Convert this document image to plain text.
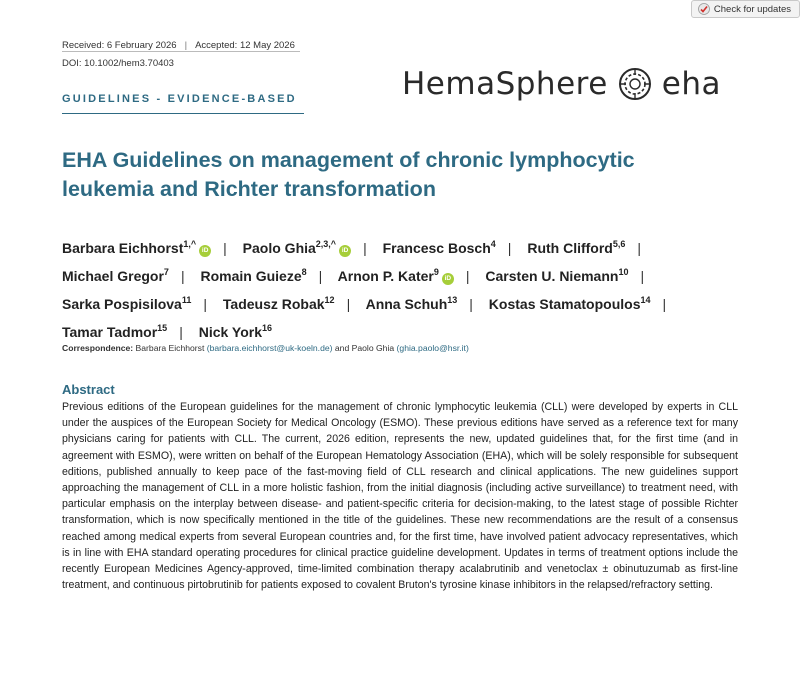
Check for updates
Received: 6 February 2026 | Accepted: 12 May 2026
DOI: 10.1002/hem3.70403
GUIDELINES - EVIDENCE-BASED	HemaSphere eha
EHA Guidelines on management of chronic lymphocytic leukemia and Richter transformation
Barbara Eichhorst$^{1,\^{}}$iD | Paolo Ghia$^{2,3,\^{}}$iD | Francesc Bosch$^4$ | Ruth Clifford$^{5,6}$ | Michael Gregor$^7$ | Romain Guieze$^8$ | Arnon P. Kater$^9$iD | Carsten U. Niemann$^{10}$ | Sarka Pospisilova$^{11}$ | Tadeusz Robak$^{12}$ | Anna Schuh$^{13}$ | Kostas Stamatopoulos$^{14}$ | Tamar Tadmor$^{15}$ | Nick York$^{16}$
Correspondence: Barbara Eichhorst (barbara.eichhorst@uk-koeln.de) and Paolo Ghia (ghia.paolo@hsr.it)
Abstract

Previous editions of the European guidelines for the management of chronic lymphocytic leukemia (CLL) were developed by experts in CLL under the auspices of the European Society for Medical Oncology (ESMO). These previous editions have served as a reference text for many physicians caring for patients with CLL. The current, 2026 edition, represents the new, updated guidelines that, for the first time (and in agreement with ESMO), were written on behalf of the European Hematology Association (EHA), which will be solely responsible for subsequent editions, published annually to keep pace of the fast-moving field of CLL research and clinical applications. The new guidelines support approaching the management of CLL in a more holistic fashion, from the initial diagnosis (including active surveillance) to treatment need, with particular emphasis on the interplay between disease- and patient-specific criteria for decision-making, to the latest stage of possible Richter transformation, which is now specifically mentioned in the title of the guidelines. These new recommendations are the result of a consensus reached among medical experts from several European countries and, for the first time, have involved patient advocacy representatives, which is in line with EHA standard operating procedures for clinical practice guideline development. Updates in terms of treatment options include the recently European Medicines Agency-approved, time-limited combination therapy acalabrutinib and venetoclax ± obinutuzumab as first-line treatment, and continuous pirtobrutinib for patients exposed to covalent Bruton's tyrosine kinase inhibitors in the relapsed/refractory setting.
